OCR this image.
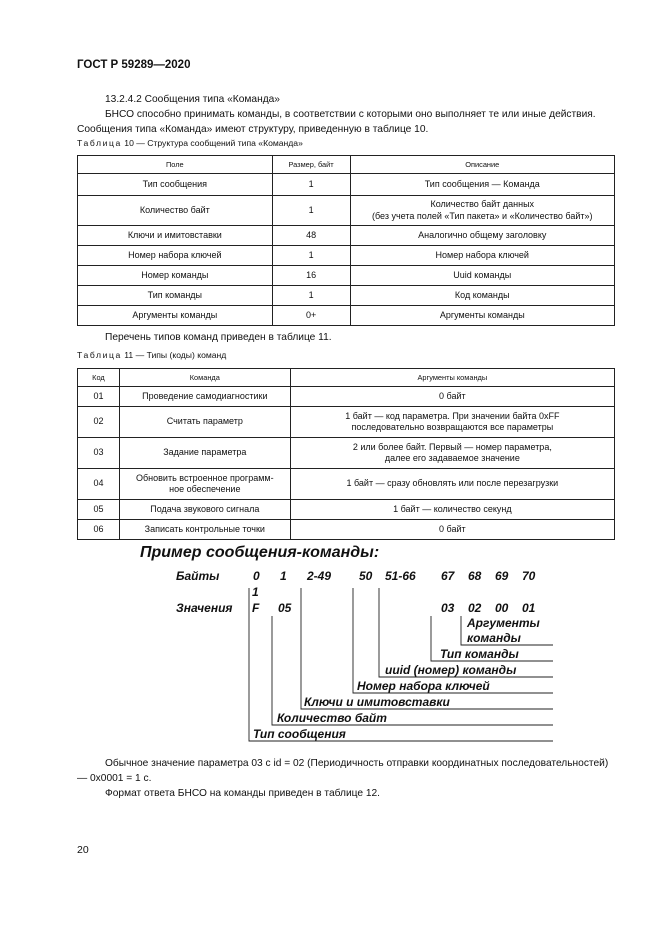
ГОСТ Р 59289—2020

13.2.4.2 Сообщения типа «Команда»

БНСО способно принимать команды, в соответствии с которыми оно выполняет те или иные действия. Сообщения типа «Команда» имеют структуру, приведенную в таблице 10.

Таблица 10 — Структура сообщений типа «Команда»
Поле	Размер, байт	Описание
Тип сообщения	1	Тип сообщения — Команда
Количество байт	1	Количество байт данных
(без учета полей «Тип пакета» и «Количество байт»)
Ключи и имитовставки	48	Аналогично общему заголовку
Номер набора ключей	1	Номер набора ключей
Номер команды	16	Uuid команды
Тип команды	1	Код команды
Аргументы команды	0+	Аргументы команды

Перечень типов команд приведен в таблице 11.

Таблица 11 — Типы (коды) команд
Код	Команда	Аргументы команды
01	Проведение самодиагностики	0 байт
02	Считать параметр	1 байт — код параметра. При значении байта 0xFF
последовательно возвращаются все параметры
03	Задание параметра	2 или более байт. Первый — номер параметра,
далее его задаваемое значение
04	Обновить встроенное программ-
ное обеспечение	1 байт — сразу обновлять или после перезагрузки
05	Подача звукового сигнала	1 байт — количество секунд
06	Записать контрольные точки	0 байт
Пример сообщения-команды:
Байты	0 1 2-49 50 51-66 67 68 69 70
1
Значения F 05	03 02 00 01
Аргументы
команды
Тип команды
uuid (номер) команды
Номер набора ключей
Ключи и имитовставки
Количество байт
Тип сообщения

Обычное значение параметра 03 с id = 02 (Периодичность отправки координатных последовательностей) — 0x0001 = 1 с.

Формат ответа БНСО на команды приведен в таблице 12.

20
